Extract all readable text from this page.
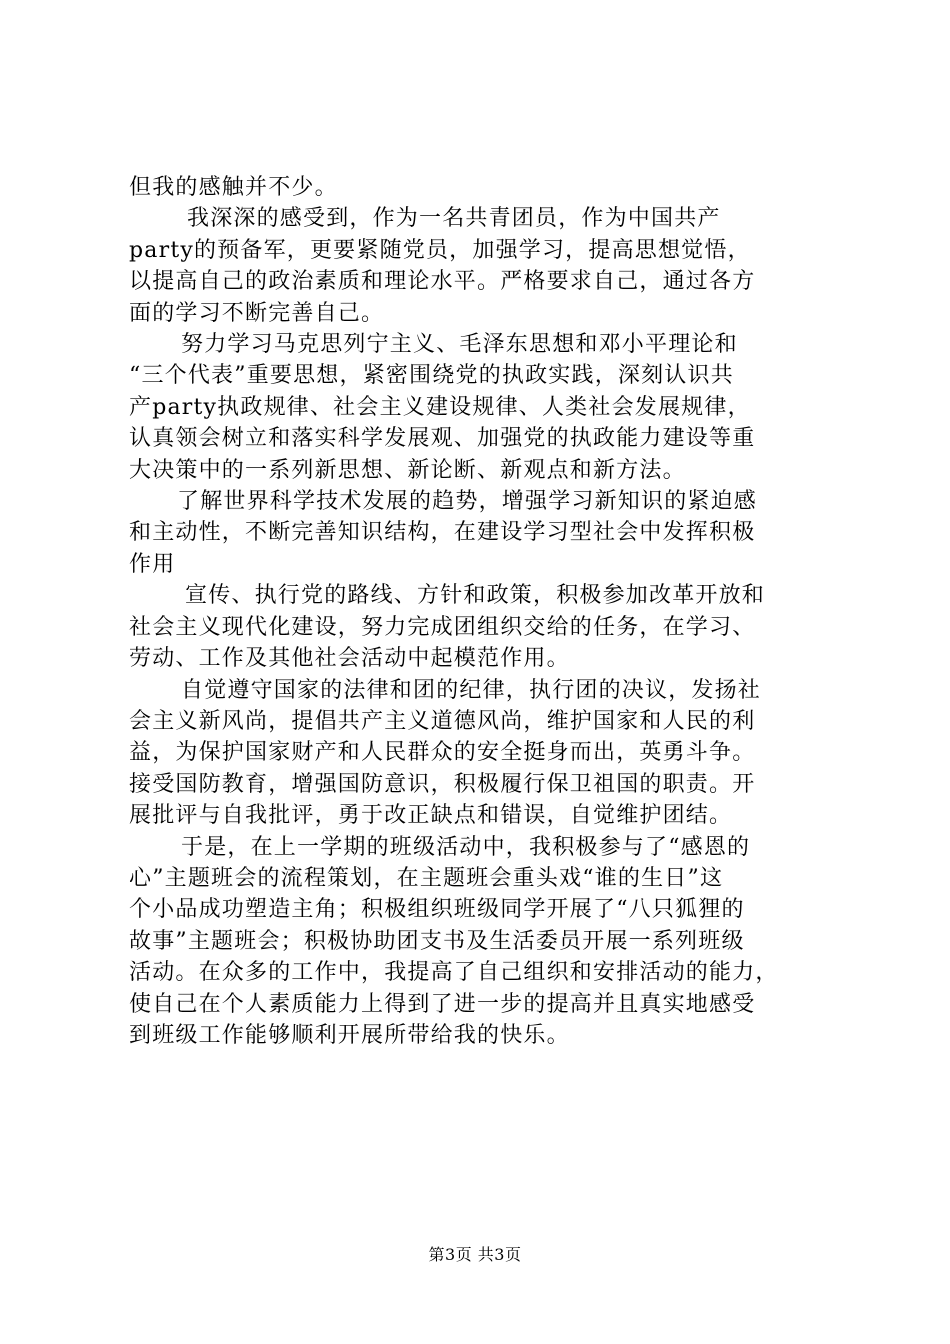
但我的感触并不少。

我深深的感受到，作为一名共青团员，作为中国共产

party的预备军，更要紧随党员，加强学习，提高思想觉悟，

以提高自己的政治素质和理论水平。严格要求自己，通过各方

面的学习不断完善自己。

努力学习马克思列宁主义、毛泽东思想和邓小平理论和

“三个代表”重要思想，紧密围绕党的执政实践，深刻认识共

产party执政规律、社会主义建设规律、人类社会发展规律，

认真领会树立和落实科学发展观、加强党的执政能力建设等重

大决策中的一系列新思想、新论断、新观点和新方法。

了解世界科学技术发展的趋势，增强学习新知识的紧迫感

和主动性，不断完善知识结构，在建设学习型社会中发挥积极

作用

宣传、执行党的路线、方针和政策，积极参加改革开放和

社会主义现代化建设，努力完成团组织交给的任务，在学习、

劳动、工作及其他社会活动中起模范作用。

自觉遵守国家的法律和团的纪律，执行团的决议，发扬社

会主义新风尚，提倡共产主义道德风尚，维护国家和人民的利

益，为保护国家财产和人民群众的安全挺身而出，英勇斗争。

接受国防教育，增强国防意识，积极履行保卫祖国的职责。开

展批评与自我批评，勇于改正缺点和错误，自觉维护团结。

于是，在上一学期的班级活动中，我积极参与了“感恩的

心”主题班会的流程策划，在主题班会重头戏“谁的生日”这

个小品成功塑造主角；积极组织班级同学开展了“八只狐狸的

故事”主题班会；积极协助团支书及生活委员开展一系列班级

活动。在众多的工作中，我提高了自己组织和安排活动的能力，

使自己在个人素质能力上得到了进一步的提高并且真实地感受

到班级工作能够顺利开展所带给我的快乐。

第3页 共3页
